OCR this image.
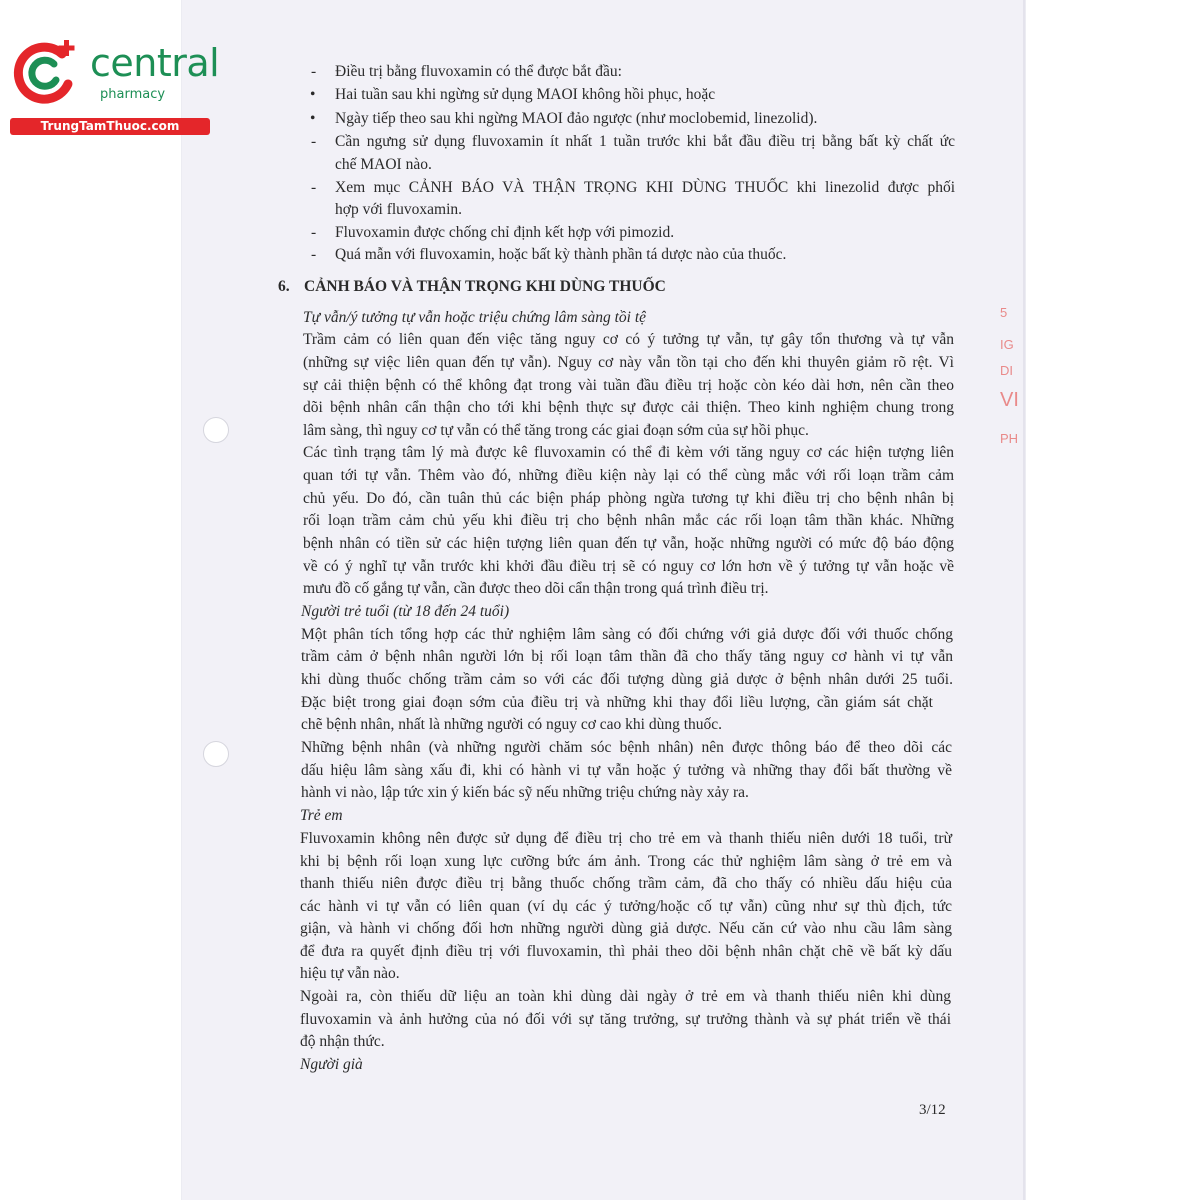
5
IG
DI
VI
PH
central
pharmacy
TrungTamThuoc.com
- Điều trị bằng fluvoxamin có thể được bắt đầu:
• Hai tuần sau khi ngừng sử dụng MAOI không hồi phục, hoặc
• Ngày tiếp theo sau khi ngừng MAOI đảo ngược (như moclobemid, linezolid).
- Cần ngưng sử dụng fluvoxamin ít nhất 1 tuần trước khi bắt đầu điều trị bằng bất kỳ chất ức
chế MAOI nào.
- Xem mục CẢNH BÁO VÀ THẬN TRỌNG KHI DÙNG THUỐC khi linezolid được phối
hợp với fluvoxamin.
- Fluvoxamin được chống chỉ định kết hợp với pimozid.
- Quá mẫn với fluvoxamin, hoặc bất kỳ thành phần tá dược nào của thuốc.
6. CẢNH BÁO VÀ THẬN TRỌNG KHI DÙNG THUỐC
Tự vẫn/ý tưởng tự vẫn hoặc triệu chứng lâm sàng tồi tệ
Trầm cảm có liên quan đến việc tăng nguy cơ có ý tưởng tự vẫn, tự gây tổn thương và tự vẫn
(những sự việc liên quan đến tự vẫn). Nguy cơ này vẫn tồn tại cho đến khi thuyên giảm rõ rệt. Vì
sự cải thiện bệnh có thể không đạt trong vài tuần đầu điều trị hoặc còn kéo dài hơn, nên cần theo
dõi bệnh nhân cẩn thận cho tới khi bệnh thực sự được cải thiện. Theo kinh nghiệm chung trong
lâm sàng, thì nguy cơ tự vẫn có thể tăng trong các giai đoạn sớm của sự hồi phục.
Các tình trạng tâm lý mà được kê fluvoxamin có thể đi kèm với tăng nguy cơ các hiện tượng liên
quan tới tự vẫn. Thêm vào đó, những điều kiện này lại có thể cùng mắc với rối loạn trầm cảm
chủ yếu. Do đó, cần tuân thủ các biện pháp phòng ngừa tương tự khi điều trị cho bệnh nhân bị
rối loạn trầm cảm chủ yếu khi điều trị cho bệnh nhân mắc các rối loạn tâm thần khác. Những
bệnh nhân có tiền sử các hiện tượng liên quan đến tự vẫn, hoặc những người có mức độ báo động
về có ý nghĩ tự vẫn trước khi khởi đầu điều trị sẽ có nguy cơ lớn hơn về ý tưởng tự vẫn hoặc về
mưu đồ cố gắng tự vẫn, cần được theo dõi cẩn thận trong quá trình điều trị.
Người trẻ tuổi (từ 18 đến 24 tuổi)
Một phân tích tổng hợp các thử nghiệm lâm sàng có đối chứng với giả dược đối với thuốc chống
trầm cảm ở bệnh nhân người lớn bị rối loạn tâm thần đã cho thấy tăng nguy cơ hành vi tự vẫn
khi dùng thuốc chống trầm cảm so với các đối tượng dùng giả dược ở bệnh nhân dưới 25 tuổi.
Đặc biệt trong giai đoạn sớm của điều trị và những khi thay đổi liều lượng, cần giám sát chặt
chẽ bệnh nhân, nhất là những người có nguy cơ cao khi dùng thuốc.
Những bệnh nhân (và những người chăm sóc bệnh nhân) nên được thông báo để theo dõi các
dấu hiệu lâm sàng xấu đi, khi có hành vi tự vẫn hoặc ý tưởng và những thay đổi bất thường về
hành vi nào, lập tức xin ý kiến bác sỹ nếu những triệu chứng này xảy ra.
Trẻ em
Fluvoxamin không nên được sử dụng để điều trị cho trẻ em và thanh thiếu niên dưới 18 tuổi, trừ
khi bị bệnh rối loạn xung lực cưỡng bức ám ảnh. Trong các thử nghiệm lâm sàng ở trẻ em và
thanh thiếu niên được điều trị bằng thuốc chống trầm cảm, đã cho thấy có nhiều dấu hiệu của
các hành vi tự vẫn có liên quan (ví dụ các ý tưởng/hoặc cố tự vẫn) cũng như sự thù địch, tức
giận, và hành vi chống đối hơn những người dùng giả dược. Nếu căn cứ vào nhu cầu lâm sàng
để đưa ra quyết định điều trị với fluvoxamin, thì phải theo dõi bệnh nhân chặt chẽ về bất kỳ dấu
hiệu tự vẫn nào.
Ngoài ra, còn thiếu dữ liệu an toàn khi dùng dài ngày ở trẻ em và thanh thiếu niên khi dùng
fluvoxamin và ảnh hưởng của nó đối với sự tăng trưởng, sự trưởng thành và sự phát triển về thái
độ nhận thức.
Người già
3/12
